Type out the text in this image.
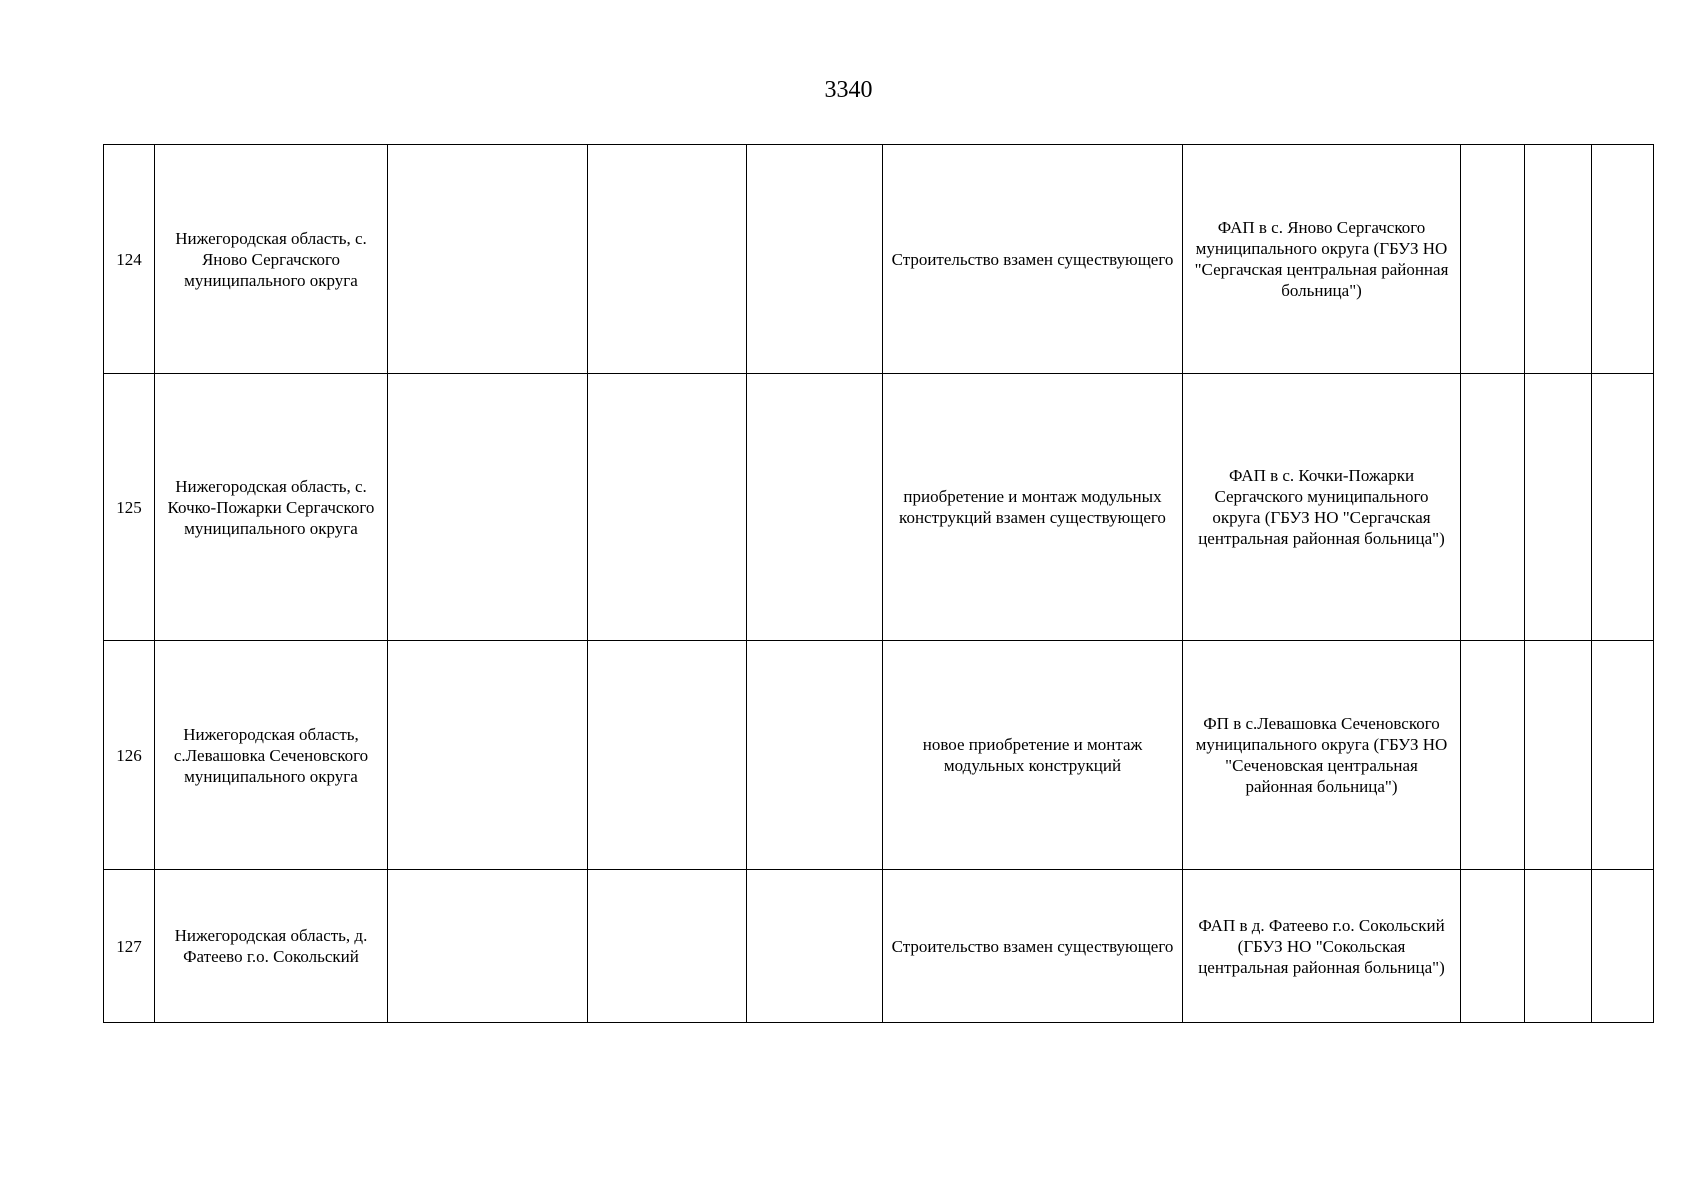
3340
124	Нижегородская область, с. Яново Сергачского муниципального округа				Строительство взамен существующего	ФАП в с. Яново Сергачского муниципального округа (ГБУЗ НО "Сергачская центральная районная больница")			
125	Нижегородская область, с. Кочко-Пожарки Сергачского муниципального округа				приобретение и монтаж модульных конструкций взамен существующего	ФАП в с. Кочки-Пожарки Сергачского муниципального округа (ГБУЗ НО "Сергачская центральная районная больница")			
126	Нижегородская область, с.Левашовка Сеченовского муниципального округа				новое приобретение и монтаж модульных конструкций	ФП в с.Левашовка Сеченовского муниципального округа (ГБУЗ НО "Сеченовская центральная районная больница")			
127	Нижегородская область, д. Фатеево г.о. Сокольский				Строительство взамен существующего	ФАП в д. Фатеево г.о. Сокольский (ГБУЗ НО "Сокольская центральная районная больница")			
